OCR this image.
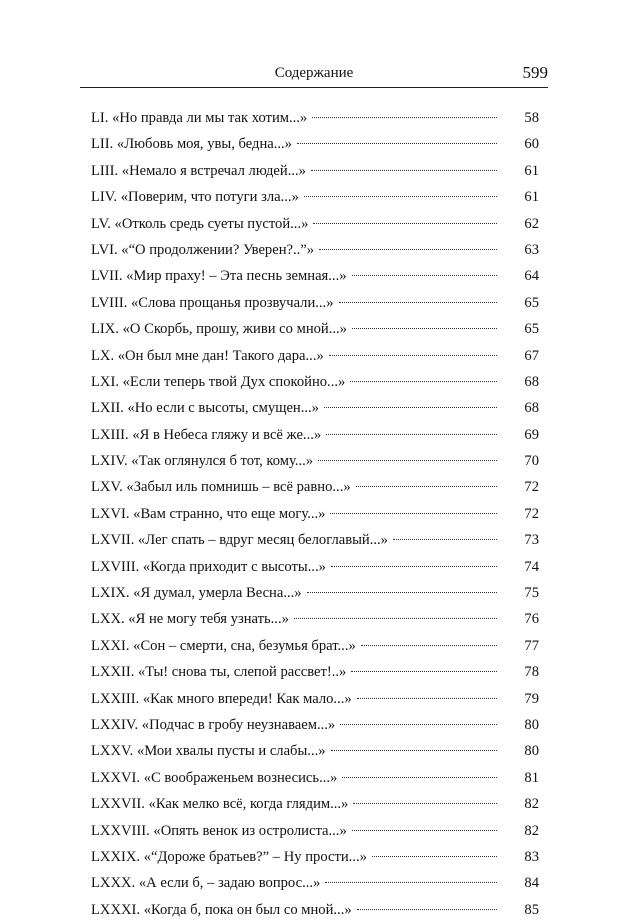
Содержание	599
LI. «Но правда ли мы так хотим...»	58
LII. «Любовь моя, увы, бедна...»	60
LIII. «Немало я встречал людей...»	61
LIV. «Поверим, что потуги зла...»	61
LV. «Отколь средь суеты пустой...»	62
LVI. «“О продолжении? Уверен?..”»	63
LVII. «Мир праху! – Эта песнь земная...»	64
LVIII. «Слова прощанья прозвучали...»	65
LIX. «О Скорбь, прошу, живи со мной...»	65
LX. «Он был мне дан! Такого дара...»	67
LXI. «Если теперь твой Дух спокойно...»	68
LXII. «Но если с высоты, смущен...»	68
LXIII. «Я в Небеса гляжу и всё же...»	69
LXIV. «Так оглянулся б тот, кому...»	70
LXV. «Забыл иль помнишь – всё равно...»	72
LXVI. «Вам странно, что еще могу...»	72
LXVII. «Лег спать – вдруг месяц белоглавый...»	73
LXVIII. «Когда приходит с высоты...»	74
LXIX. «Я думал, умерла Весна...»	75
LXX. «Я не могу тебя узнать...»	76
LXXI. «Сон – смерти, сна, безумья брат...»	77
LXXII. «Ты! снова ты, слепой рассвет!..»	78
LXXIII. «Как много впереди! Как мало...»	79
LXXIV. «Подчас в гробу неузнаваем...»	80
LXXV. «Мои хвалы пусты и слабы...»	80
LXXVI. «С воображеньем вознесись...»	81
LXXVII. «Как мелко всё, когда глядим...»	82
LXXVIII. «Опять венок из остролиста...»	82
LXXIX. «“Дороже братьев?” – Ну прости...»	83
LXXX. «А если б, – задаю вопрос...»	84
LXXXI. «Когда б, пока он был со мной...»	85
